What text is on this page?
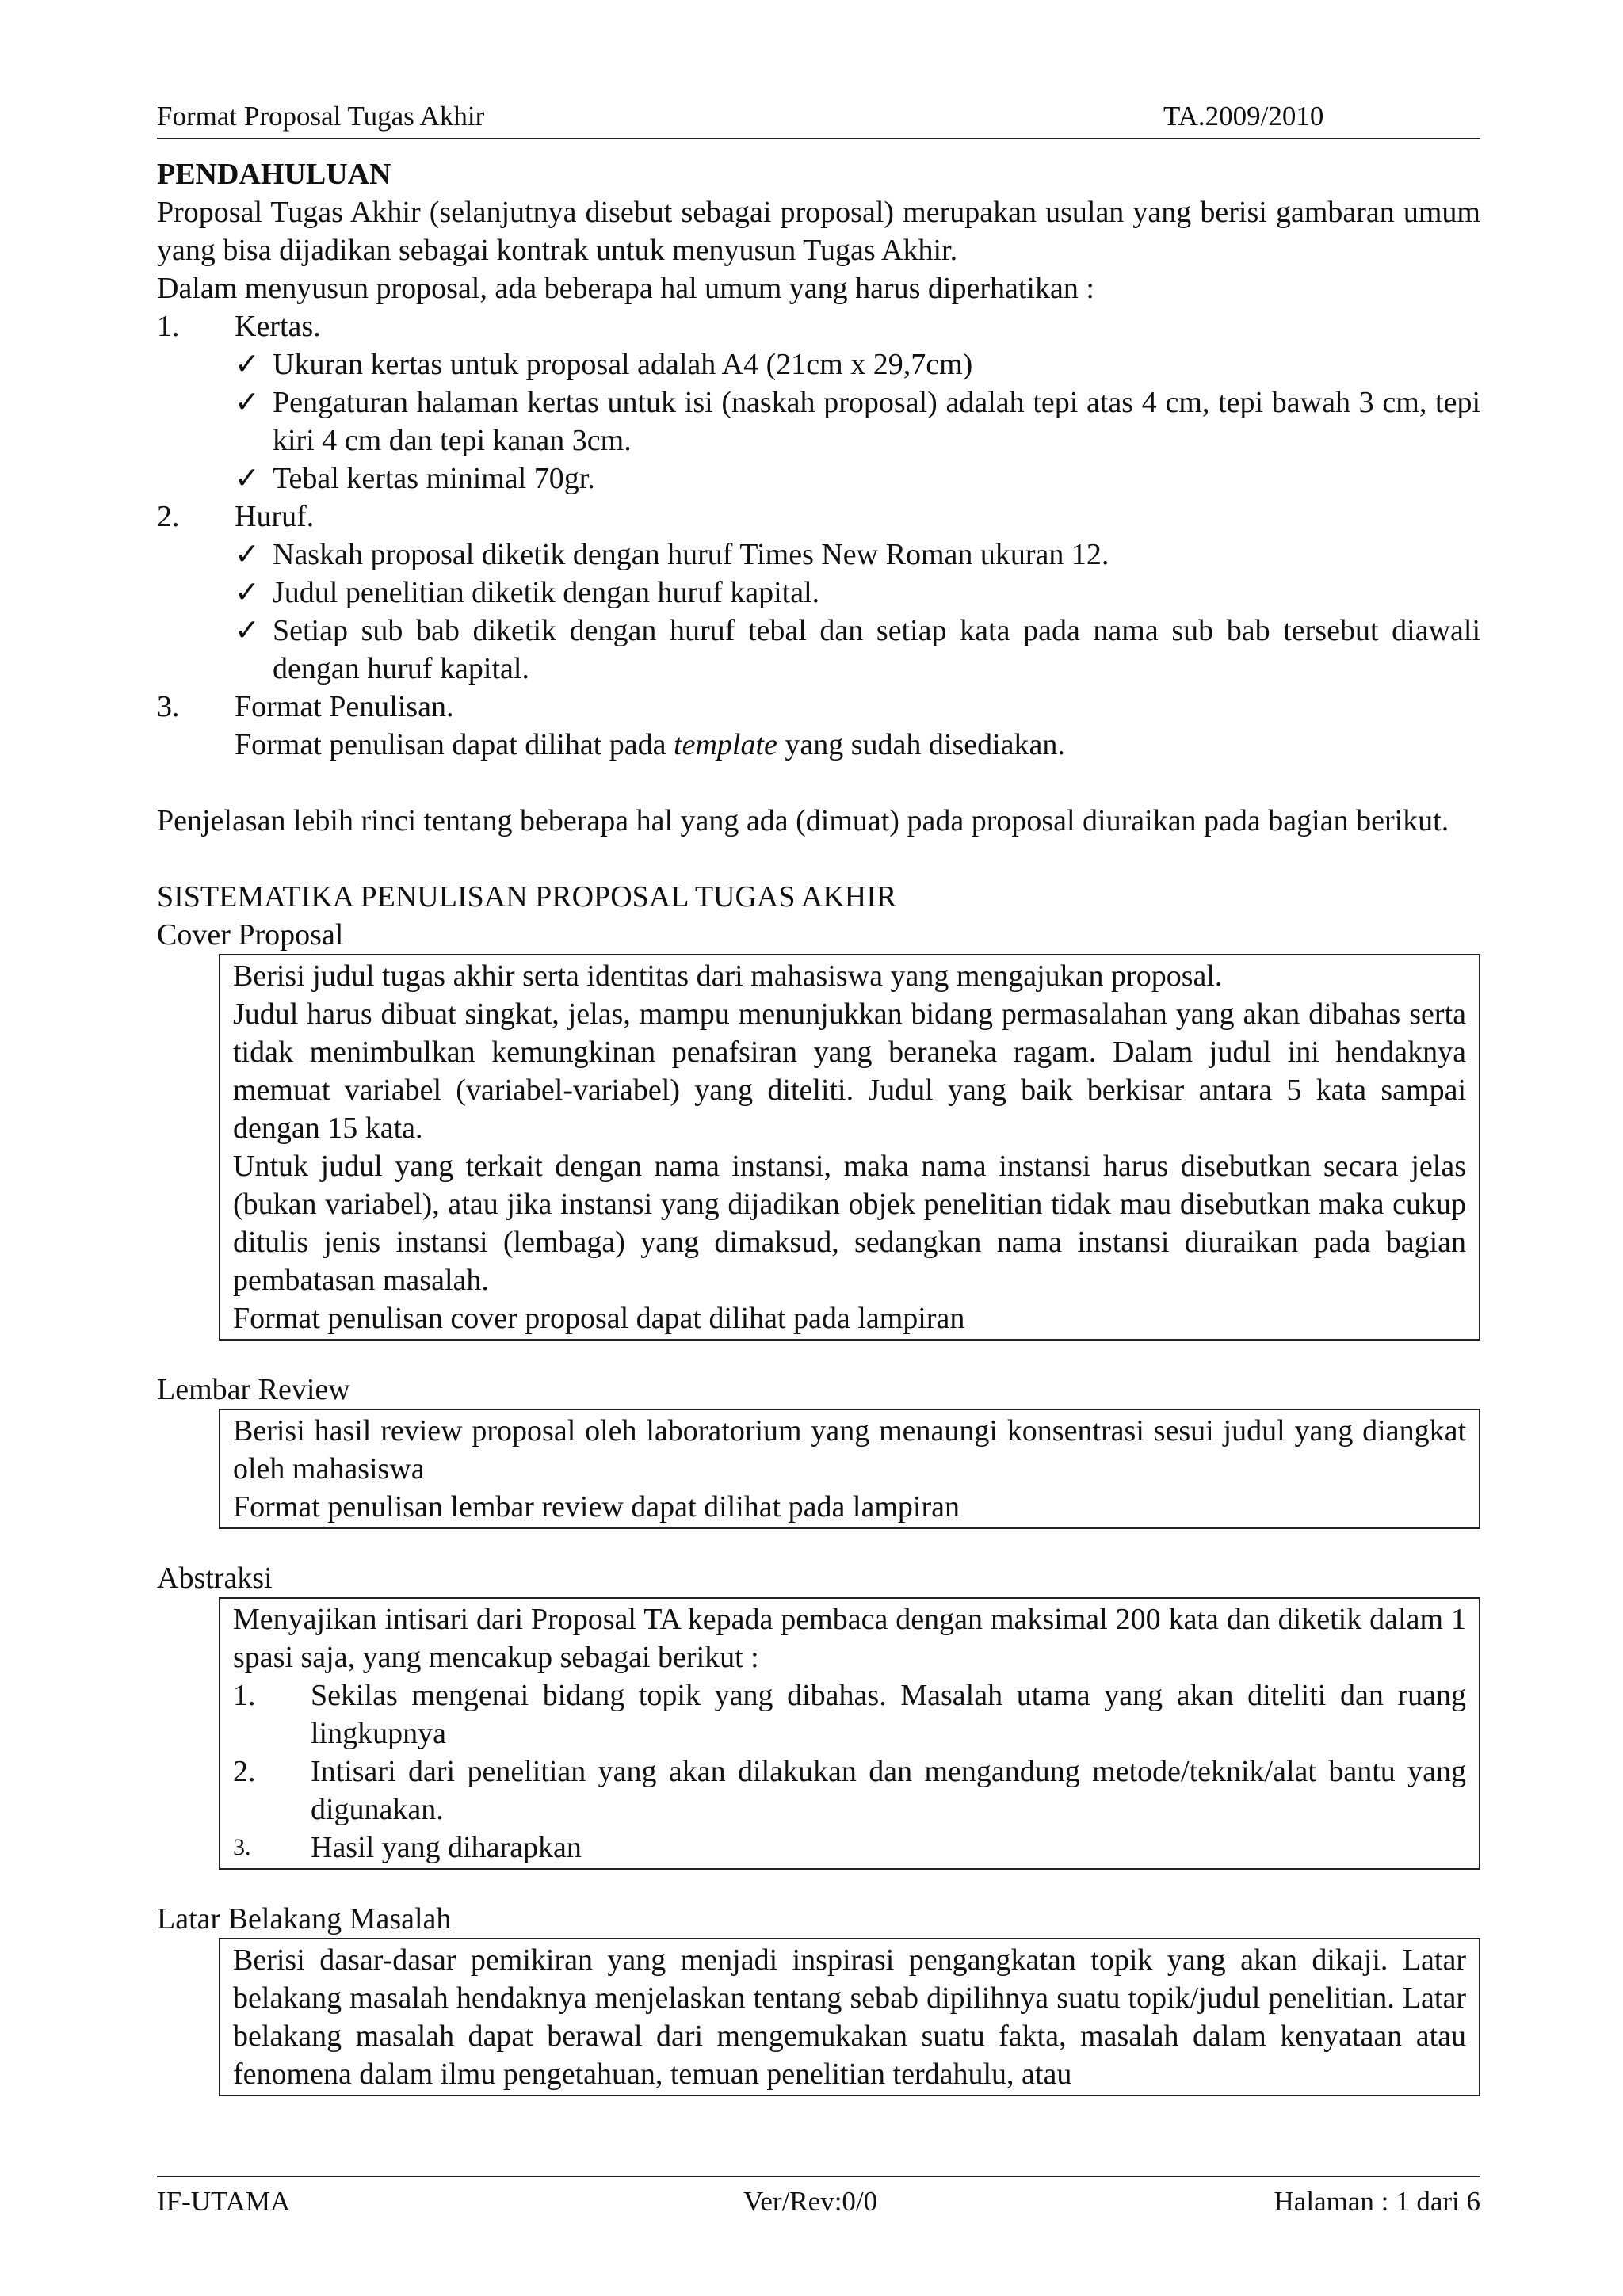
Format Proposal Tugas Akhir	TA.2009/2010

PENDAHULUAN

Proposal Tugas Akhir (selanjutnya disebut sebagai proposal) merupakan usulan yang berisi gambaran umum yang bisa dijadikan sebagai kontrak untuk menyusun Tugas Akhir.

Dalam menyusun proposal, ada beberapa hal umum yang harus diperhatikan :

1. Kertas.
✓ Ukuran kertas untuk proposal adalah A4 (21cm x 29,7cm)
✓ Pengaturan halaman kertas untuk isi (naskah proposal) adalah tepi atas 4 cm, tepi bawah 3 cm, tepi kiri 4 cm dan tepi kanan 3cm.
✓ Tebal kertas minimal 70gr.
2. Huruf.
✓ Naskah proposal diketik dengan huruf Times New Roman ukuran 12.
✓ Judul penelitian diketik dengan huruf kapital.
✓ Setiap sub bab diketik dengan huruf tebal dan setiap kata pada nama sub bab tersebut diawali dengan huruf kapital.
3. Format Penulisan.

Format penulisan dapat dilihat pada template yang sudah disediakan.

Penjelasan lebih rinci tentang beberapa hal yang ada (dimuat) pada proposal diuraikan pada bagian berikut.

SISTEMATIKA PENULISAN PROPOSAL TUGAS AKHIR

Cover Proposal

Berisi judul tugas akhir serta identitas dari mahasiswa yang mengajukan proposal.

Judul harus dibuat singkat, jelas, mampu menunjukkan bidang permasalahan yang akan dibahas serta tidak menimbulkan kemungkinan penafsiran yang beraneka ragam. Dalam judul ini hendaknya memuat variabel (variabel-variabel) yang diteliti. Judul yang baik berkisar antara 5 kata sampai dengan 15 kata.

Untuk judul yang terkait dengan nama instansi, maka nama instansi harus disebutkan secara jelas (bukan variabel), atau jika instansi yang dijadikan objek penelitian tidak mau disebutkan maka cukup ditulis jenis instansi (lembaga) yang dimaksud, sedangkan nama instansi diuraikan pada bagian pembatasan masalah.

Format penulisan cover proposal dapat dilihat pada lampiran

Lembar Review

Berisi hasil review proposal oleh laboratorium yang menaungi konsentrasi sesui judul yang diangkat oleh mahasiswa

Format penulisan lembar review dapat dilihat pada lampiran

Abstraksi

Menyajikan intisari dari Proposal TA kepada pembaca dengan maksimal 200 kata dan diketik dalam 1 spasi saja, yang mencakup sebagai berikut :

1. Sekilas mengenai bidang topik yang dibahas. Masalah utama yang akan diteliti dan ruang lingkupnya
2. Intisari dari penelitian yang akan dilakukan dan mengandung metode/teknik/alat bantu yang digunakan.
3. Hasil yang diharapkan

Latar Belakang Masalah

Berisi dasar-dasar pemikiran yang menjadi inspirasi pengangkatan topik yang akan dikaji. Latar belakang masalah hendaknya menjelaskan tentang sebab dipilihnya suatu topik/judul penelitian. Latar belakang masalah dapat berawal dari mengemukakan suatu fakta, masalah dalam kenyataan atau fenomena dalam ilmu pengetahuan, temuan penelitian terdahulu, atau

IF-UTAMA	Ver/Rev:0/0	Halaman : 1 dari 6
